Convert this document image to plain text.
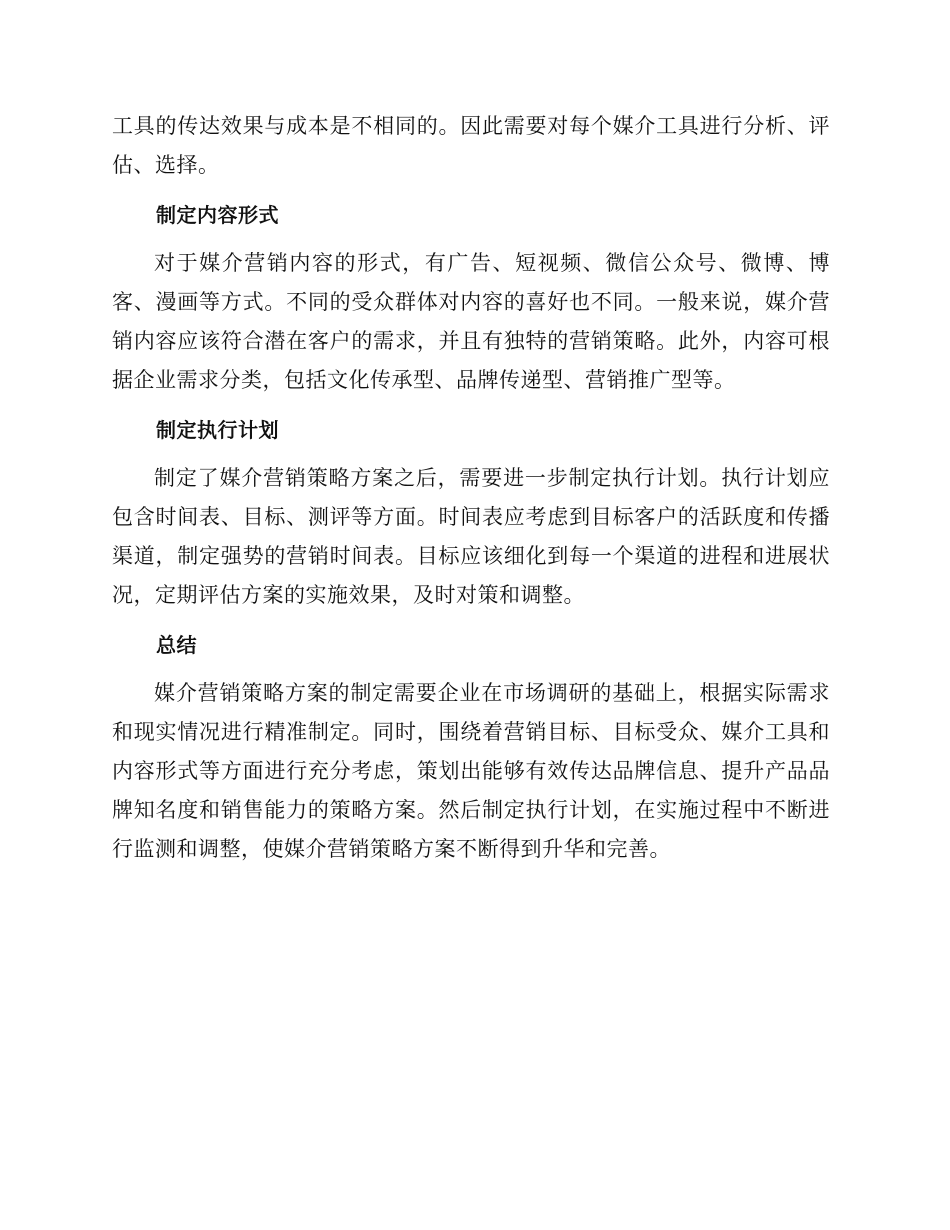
工具的传达效果与成本是不相同的。因此需要对每个媒介工具进行分析、评估、选择。

制定内容形式

对于媒介营销内容的形式，有广告、短视频、微信公众号、微博、博客、漫画等方式。不同的受众群体对内容的喜好也不同。一般来说，媒介营销内容应该符合潜在客户的需求，并且有独特的营销策略。此外，内容可根据企业需求分类，包括文化传承型、品牌传递型、营销推广型等。

制定执行计划

制定了媒介营销策略方案之后，需要进一步制定执行计划。执行计划应包含时间表、目标、测评等方面。时间表应考虑到目标客户的活跃度和传播渠道，制定强势的营销时间表。目标应该细化到每一个渠道的进程和进展状况，定期评估方案的实施效果，及时对策和调整。

总结

媒介营销策略方案的制定需要企业在市场调研的基础上，根据实际需求和现实情况进行精准制定。同时，围绕着营销目标、目标受众、媒介工具和内容形式等方面进行充分考虑，策划出能够有效传达品牌信息、提升产品品牌知名度和销售能力的策略方案。然后制定执行计划，在实施过程中不断进行监测和调整，使媒介营销策略方案不断得到升华和完善。
